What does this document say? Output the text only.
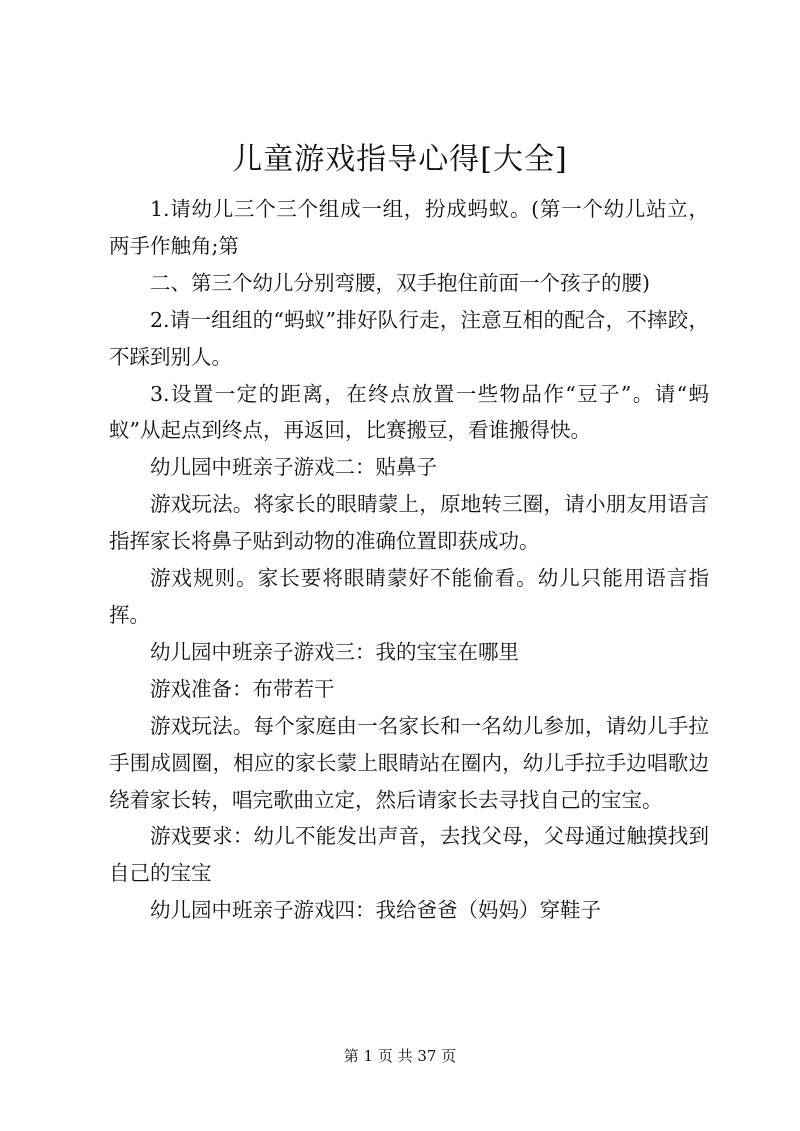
儿童游戏指导心得[大全]

1.请幼儿三个三个组成一组，扮成蚂蚁。(第一个幼儿站立，两手作触角;第

二、第三个幼儿分别弯腰，双手抱住前面一个孩子的腰)

2.请一组组的“蚂蚁”排好队行走，注意互相的配合，不摔跤，不踩到别人。

3.设置一定的距离，在终点放置一些物品作“豆子”。请“蚂蚁”从起点到终点，再返回，比赛搬豆，看谁搬得快。

幼儿园中班亲子游戏二：贴鼻子

游戏玩法。将家长的眼睛蒙上，原地转三圈，请小朋友用语言指挥家长将鼻子贴到动物的准确位置即获成功。

游戏规则。家长要将眼睛蒙好不能偷看。幼儿只能用语言指挥。

幼儿园中班亲子游戏三：我的宝宝在哪里

游戏准备：布带若干

游戏玩法。每个家庭由一名家长和一名幼儿参加，请幼儿手拉手围成圆圈，相应的家长蒙上眼睛站在圈内，幼儿手拉手边唱歌边绕着家长转，唱完歌曲立定，然后请家长去寻找自己的宝宝。

游戏要求：幼儿不能发出声音，去找父母，父母通过触摸找到自己的宝宝

幼儿园中班亲子游戏四：我给爸爸（妈妈）穿鞋子

第 1 页 共 37 页
